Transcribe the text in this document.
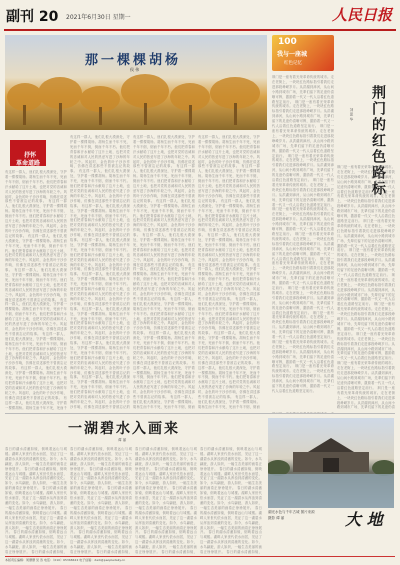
副刊 20 2021年6月30日 星期一	人民日报
那一棵棵胡杨
侯 伟

抒怀
革命道路

有这样一群人，他们扎根大漠深处，守护着一棵棵胡杨。胡杨生而千年不死，死而千年不倒，倒而千年不朽。他们把青春和汗水献给了这片土地，也把对党的忠诚和对人民的热爱写进了沙海的年轮之中。风起时，金色的叶子沙沙作响，仿佛在讲述那些不曾被忘记的故事。 有这样一群人，他们扎根大漠深处，守护着一棵棵胡杨。胡杨生而千年不死，死而千年不倒，倒而千年不朽。他们把青春和汗水献给了这片土地，也把对党的忠诚和对人民的热爱写进了沙海的年轮之中。风起时，金色的叶子沙沙作响，仿佛在讲述那些不曾被忘记的故事。 有这样一群人，他们扎根大漠深处，守护着一棵棵胡杨。胡杨生而千年不死，死而千年不倒，倒而千年不朽。他们把青春和汗水献给了这片土地，也把对党的忠诚和对人民的热爱写进了沙海的年轮之中。风起时，金色的叶子沙沙作响，仿佛在讲述那些不曾被忘记的故事。 有这样一群人，他们扎根大漠深处，守护着一棵棵胡杨。胡杨生而千年不死，死而千年不倒，倒而千年不朽。他们把青春和汗水献给了这片土地，也把对党的忠诚和对人民的热爱写进了沙海的年轮之中。风起时，金色的叶子沙沙作响，仿佛在讲述那些不曾被忘记的故事。 有这样一群人，他们扎根大漠深处，守护着一棵棵胡杨。胡杨生而千年不死，死而千年不倒，倒而千年不朽。他们把青春和汗水献给了这片土地，也把对党的忠诚和对人民的热爱写进了沙海的年轮之中。风起时，金色的叶子沙沙作响，仿佛在讲述那些不曾被忘记的故事。 有这样一群人，他们扎根大漠深处，守护着一棵棵胡杨。胡杨生而千年不死，死而千年不倒，倒而千年不朽。他们把青春和汗水献给了这片土地，也把对党的忠诚和对人民的热爱写进了沙海的年轮之中。风起时，金色的叶子沙沙作响，仿佛在讲述那些不曾被忘记的故事。 有这样一群人，他们扎根大漠深处，守护着一棵棵胡杨。胡杨生而千年不死，死而千年不倒，倒而千年不朽。他们把青春和汗水献给了这片土地，也把对党的忠诚和对人民的热爱写进了沙海的年轮之中。风起时，金色的叶子沙沙作响，仿佛在讲述那些不曾被忘记的故事。 有这样一群人，他们扎根大漠深处，守护着一棵棵胡杨。胡杨生而千年不死，死而千
有这样一群人，他们扎根大漠深处，守护着一棵棵胡杨。胡杨生而千年不死，死而千年不倒，倒而千年不朽。他们把青春和汗水献给了这片土地，也把对党的忠诚和对人民的热爱写进了沙海的年轮之中。风起时，金色的叶子沙沙作响，仿佛在讲述那些不曾被忘记的故事。 有这样一群人，他们扎根大漠深处，守护着一棵棵胡杨。胡杨生而千年不死，死而千年不倒，倒而千年不朽。他们把青春和汗水献给了这片土地，也把对党的忠诚和对人民的热爱写进了沙海的年轮之中。风起时，金色的叶子沙沙作响，仿佛在讲述那些不曾被忘记的故事。 有这样一群人，他们扎根大漠深处，守护着一棵棵胡杨。胡杨生而千年不死，死而千年不倒，倒而千年不朽。他们把青春和汗水献给了这片土地，也把对党的忠诚和对人民的热爱写进了沙海的年轮之中。风起时，金色的叶子沙沙作响，仿佛在讲述那些不曾被忘记的故事。 有这样一群人，他们扎根大漠深处，守护着一棵棵胡杨。胡杨生而千年不死，死而千年不倒，倒而千年不朽。他们把青春和汗水献给了这片土地，也把对党的忠诚和对人民的热爱写进了沙海的年轮之中。风起时，金色的叶子沙沙作响，仿佛在讲述那些不曾被忘记的故事。 有这样一群人，他们扎根大漠深处，守护着一棵棵胡杨。胡杨生而千年不死，死而千年不倒，倒而千年不朽。他们把青春和汗水献给了这片土地，也把对党的忠诚和对人民的热爱写进了沙海的年轮之中。风起时，金色的叶子沙沙作响，仿佛在讲述那些不曾被忘记的故事。 有这样一群人，他们扎根大漠深处，守护着一棵棵胡杨。胡杨生而千年不死，死而千年不倒，倒而千年不朽。他们把青春和汗水献给了这片土地，也把对党的忠诚和对人民的热爱写进了沙海的年轮之中。风起时，金色的叶子沙沙作响，仿佛在讲述那些不曾被忘记的故事。 有这样一群人，他们扎根大漠深处，守护着一棵棵胡杨。胡杨生而千年不死，死而千年不倒，倒而千年不朽。他们把青春和汗水献给了这片土地，也把对党的忠诚和对人民的热爱写进了沙海的年轮之中。风起时，金色的叶子沙沙作响，仿佛在讲述那些不曾被忘记的故事。 有这样一群人，他们扎根大漠深处，守护着一棵棵胡杨。胡杨生而千年不死，死而千年不倒，倒而千年不朽。他们把青春和汗水献给了这片土地，也把对党的忠诚和对人民的热爱写进了沙海的年轮之中。风起时，金色的叶子沙沙作响，仿佛在讲述那些不曾被忘记的
有这样一群人，他们扎根大漠深处，守护着一棵棵胡杨。胡杨生而千年不死，死而千年不倒，倒而千年不朽。他们把青春和汗水献给了这片土地，也把对党的忠诚和对人民的热爱写进了沙海的年轮之中。风起时，金色的叶子沙沙作响，仿佛在讲述那些不曾被忘记的故事。 有这样一群人，他们扎根大漠深处，守护着一棵棵胡杨。胡杨生而千年不死，死而千年不倒，倒而千年不朽。他们把青春和汗水献给了这片土地，也把对党的忠诚和对人民的热爱写进了沙海的年轮之中。风起时，金色的叶子沙沙作响，仿佛在讲述那些不曾被忘记的故事。 有这样一群人，他们扎根大漠深处，守护着一棵棵胡杨。胡杨生而千年不死，死而千年不倒，倒而千年不朽。他们把青春和汗水献给了这片土地，也把对党的忠诚和对人民的热爱写进了沙海的年轮之中。风起时，金色的叶子沙沙作响，仿佛在讲述那些不曾被忘记的故事。 有这样一群人，他们扎根大漠深处，守护着一棵棵胡杨。胡杨生而千年不死，死而千年不倒，倒而千年不朽。他们把青春和汗水献给了这片土地，也把对党的忠诚和对人民的热爱写进了沙海的年轮之中。风起时，金色的叶子沙沙作响，仿佛在讲述那些不曾被忘记的故事。 有这样一群人，他们扎根大漠深处，守护着一棵棵胡杨。胡杨生而千年不死，死而千年不倒，倒而千年不朽。他们把青春和汗水献给了这片土地，也把对党的忠诚和对人民的热爱写进了沙海的年轮之中。风起时，金色的叶子沙沙作响，仿佛在讲述那些不曾被忘记的故事。 有这样一群人，他们扎根大漠深处，守护着一棵棵胡杨。胡杨生而千年不死，死而千年不倒，倒而千年不朽。他们把青春和汗水献给了这片土地，也把对党的忠诚和对人民的热爱写进了沙海的年轮之中。风起时，金色的叶子沙沙作响，仿佛在讲述那些不曾被忘记的故事。 有这样一群人，他们扎根大漠深处，守护着一棵棵胡杨。胡杨生而千年不死，死而千年不倒，倒而千年不朽。他们把青春和汗水献给了这片土地，也把对党的忠诚和对人民的热爱写进了沙海的年轮之中。风起时，金色的叶子沙沙作响，仿佛在讲述那些不曾被忘记的故事。 有这样一群人，他们扎根大漠深处，守护着一棵棵胡杨。胡杨生而千年不死，死而千年不倒，倒而千年不朽。他们把青春和汗水献给了这片土地，也把对党的忠诚和对人民的热爱写进了沙海的年轮之中。风起时，金色的叶子沙沙作响，仿佛在讲述那些不曾被忘记的故事。 有这样一群人，他们扎根大漠深处，守护着一棵棵胡杨。胡杨生而千年不死，死而千年不倒，倒而
有这样一群人，他们扎根大漠深处，守护着一棵棵胡杨。胡杨生而千年不死，死而千年不倒，倒而千年不朽。他们把青春和汗水献给了这片土地，也把对党的忠诚和对人民的热爱写进了沙海的年轮之中。风起时，金色的叶子沙沙作响，仿佛在讲述那些不曾被忘记的故事。 有这样一群人，他们扎根大漠深处，守护着一棵棵胡杨。胡杨生而千年不死，死而千年不倒，倒而千年不朽。他们把青春和汗水献给了这片土地，也把对党的忠诚和对人民的热爱写进了沙海的年轮之中。风起时，金色的叶子沙沙作响，仿佛在讲述那些不曾被忘记的故事。 有这样一群人，他们扎根大漠深处，守护着一棵棵胡杨。胡杨生而千年不死，死而千年不倒，倒而千年不朽。他们把青春和汗水献给了这片土地，也把对党的忠诚和对人民的热爱写进了沙海的年轮之中。风起时，金色的叶子沙沙作响，仿佛在讲述那些不曾被忘记的故事。 有这样一群人，他们扎根大漠深处，守护着一棵棵胡杨。胡杨生而千年不死，死而千年不倒，倒而千年不朽。他们把青春和汗水献给了这片土地，也把对党的忠诚和对人民的热爱写进了沙海的年轮之中。风起时，金色的叶子沙沙作响，仿佛在讲述那些不曾被忘记的故事。 有这样一群人，他们扎根大漠深处，守护着一棵棵胡杨。胡杨生而千年不死，死而千年不倒，倒而千年不朽。他们把青春和汗水献给了这片土地，也把对党的忠诚和对人民的热爱写进了沙海的年轮之中。风起时，金色的叶子沙沙作响，仿佛在讲述那些不曾被忘记的故事。 有这样一群人，他们扎根大漠深处，守护着一棵棵胡杨。胡杨生而千年不死，死而千年不倒，倒而千年不朽。他们把青春和汗水献给了这片土地，也把对党的忠诚和对人民的热爱写进了沙海的年轮之中。风起时，金色的叶子沙沙作响，仿佛在讲述那些不曾被忘记的故事。 有这样一群人，他们扎根大漠深处，守护着一棵棵胡杨。胡杨生而千年不死，死而千年不倒，倒而千年不朽。他们把青春和汗水献给了这片土地，也把对党的忠诚和对人民的热爱写进了沙海的年轮之中。风起时，金色的叶子沙沙作响，仿佛在讲述那些不曾被忘记的故事。 有这样一群人，他们扎根大漠深处，守护着一棵棵胡杨。胡杨生而千年不死，死而千年不倒，倒而千年不朽。他们把青春和汗水献给了这片土地，也把对党的忠诚和对人民的热爱写进了沙海的年轮之中。风起时，金色的叶子沙沙作响，仿佛在讲述那些不曾被忘记的故事。 有这样一群人，他们扎根大漠深处，守护着一棵棵胡杨。胡杨生而千年不死，死而千年不倒，倒而
100
我与一座城
红色记忆
荆门的红色路标
刘 思 华
荆门是一座有着光荣革命传统的城市。走在老街上，一块块红色路标指引着我们走进那段峥嵘岁月。从洪湖到漳河，从山间小路到城市广场，先辈们留下的足迹仍清晰可辨，激励着一代又一代人沿着红色道路坚定前行。 荆门是一座有着光荣革命传统的城市。走在老街上，一块块红色路标指引着我们走进那段峥嵘岁月。从洪湖到漳河，从山间小路到城市广场，先辈们留下的足迹仍清晰可辨，激励着一代又一代人沿着红色道路坚定前行。 荆门是一座有着光荣革命传统的城市。走在老街上，一块块红色路标指引着我们走进那段峥嵘岁月。从洪湖到漳河，从山间小路到城市广场，先辈们留下的足迹仍清晰可辨，激励着一代又一代人沿着红色道路坚定前行。 荆门是一座有着光荣革命传统的城市。走在老街上，一块块红色路标指引着我们走进那段峥嵘岁月。从洪湖到漳河，从山间小路到城市广场，先辈们留下的足迹仍清晰可辨，激励着一代又一代人沿着红色道路坚定前行。 荆门是一座有着光荣革命传统的城市。走在老街上，一块块红色路标指引着我们走进那段峥嵘岁月。从洪湖到漳河，从山间小路到城市广场，先辈们留下的足迹仍清晰可辨，激励着一代又一代人沿着红色道路坚定前行。 荆门是一座有着光荣革命传统的城市。走在老街上，一块块红色路标指引着我们走进那段峥嵘岁月。从洪湖到漳河，从山间小路到城市广场，先辈们留下的足迹仍清晰可辨，激励着一代又一代人沿着红色道路坚定前行。 荆门是一座有着光荣革命传统的城市。走在老街上，一块块红色路标指引着我们走进那段峥嵘岁月。从洪湖到漳河，从山间小路到城市广场，先辈们留下的足迹仍清晰可辨，激励着一代又一代人沿着红色道路坚定前行。 荆门是一座有着光荣革命传统的城市。走在老街上，一块块红色路标指引着我们走进那段峥嵘岁月。从洪湖到漳河，从山间小路到城市广场，先辈们留下的足迹仍清晰可辨，激励着一代又一代人沿着红色道路坚定前行。 荆门是一座有着光荣革命传统的城市。走在老街上，一块块红色路标指引着我们走进那段峥嵘岁月。从洪湖到漳河，从山间小路到城市广场，先辈们留下的足迹仍清晰可辨，激励着一代又一代人沿着红色道路坚定前行。 荆门是一座有着光荣革命传统的城市。走在老街上，一块块红色路标指引着我们走进那段峥嵘岁月。从洪湖到漳河，从山间小路到城市广场，先辈们留下的足迹仍清晰可辨，激励着一代又一代人沿着红色道路坚定前行。 荆门是一座有着光荣革命传统的城市。走在老街上，一块块红色路标指引着我们走进那段峥嵘岁月。从洪湖到漳河，从山间小路到城市广场，先辈们留下的足迹仍清晰可辨，激励着一代又一代人沿着红色道路坚定前行。 荆门是一座有着光荣革命传统的城市。走在老街上，一块块红色路标指引着我们走进那段峥嵘岁月。从洪湖到漳河，从山间小路到城市广场，先辈们留下的足迹仍清晰可辨，激励着一代又一代人沿着红色道路坚定前行。
荆门是一座有着光荣革命传统的城市。走在老街上，一块块红色路标指引着我们走进那段峥嵘岁月。从洪湖到漳河，从山间小路到城市广场，先辈们留下的足迹仍清晰可辨，激励着一代又一代人沿着红色道路坚定前行。 荆门是一座有着光荣革命传统的城市。走在老街上，一块块红色路标指引着我们走进那段峥嵘岁月。从洪湖到漳河，从山间小路到城市广场，先辈们留下的足迹仍清晰可辨，激励着一代又一代人沿着红色道路坚定前行。 荆门是一座有着光荣革命传统的城市。走在老街上，一块块红色路标指引着我们走进那段峥嵘岁月。从洪湖到漳河，从山间小路到城市广场，先辈们留下的足迹仍清晰可辨，激励着一代又一代人沿着红色道路坚定前行。 荆门是一座有着光荣革命传统的城市。走在老街上，一块块红色路标指引着我们走进那段峥嵘岁月。从洪湖到漳河，从山间小路到城市广场，先辈们留下的足迹仍清晰可辨，激励着一代又一代人沿着红色道路坚定前行。 荆门是一座有着光荣革命传统的城市。走在老街上，一块块红色路标指引着我们走进那段峥嵘岁月。从洪湖到漳河，从山间小路到城市广场，先辈们留下的足迹仍清晰可辨，激励着一代又一代人沿着红色道路坚定前行。 荆门是一座有着光荣革命传统的城市。走在老街上，一块块红色路标指引着我们走进那段峥嵘岁月。从洪湖到漳河，从山间小路到城市广场，先辈们留下的足迹仍清晰可辨，激励着一代又一代人沿着红色道路坚定前行。 荆门是一座有着光荣革命传统的城市。走在老街上，一块块红色路标指引着我们走进那段峥嵘岁月。从洪湖到漳河，从山间小路到城市广场，先辈们留下的足迹仍清晰可辨，激励着一代又一代人沿着红色道路坚定前行。 荆门是一座有着光荣革命传统的城市。走在老街上，一块块红色路标指引着我们走进那段峥嵘岁月。从洪湖到漳河，从山间小路到城市广场，先辈们留下的足迹仍清晰可辨，激励着一代又一代人沿着红色道路坚定前行。 荆门是一座有着光荣革命传统的城市。走在老街上，一块块红色路标指引着我们走进那段峥嵘岁月。从洪湖到漳河，从山间小路到城市广场，先辈们留下的足迹仍清
一湖碧水入画来
谭 丽
春日的湖水清澈如镜，倒映着远山与城楼。湖畔人家世代依水而居，见证了这一湖碧水从浑浊到清澈的变化。如今，水鸟翩跹，游人如织，一幅生态美丽的画卷正徐徐展开。 春日的湖水清澈如镜，倒映着远山与城楼。湖畔人家世代依水而居，见证了这一湖碧水从浑浊到清澈的变化。如今，水鸟翩跹，游人如织，一幅生态美丽的画卷正徐徐展开。 春日的湖水清澈如镜，倒映着远山与城楼。湖畔人家世代依水而居，见证了这一湖碧水从浑浊到清澈的变化。如今，水鸟翩跹，游人如织，一幅生态美丽的画卷正徐徐展开。 春日的湖水清澈如镜，倒映着远山与城楼。湖畔人家世代依水而居，见证了这一湖碧水从浑浊到清澈的变化。如今，水鸟翩跹，游人如织，一幅生态美丽的画卷正徐徐展开。 春日的湖水清澈如镜，倒映着远山与城楼。湖畔人家世代依水而居，见证了这一湖碧水从浑浊到清澈的变化。如今，水鸟翩跹，游人如织，一幅生态美丽的画卷正徐徐展开。 春日的湖水清澈如镜，
春日的湖水清澈如镜，倒映着远山与城楼。湖畔人家世代依水而居，见证了这一湖碧水从浑浊到清澈的变化。如今，水鸟翩跹，游人如织，一幅生态美丽的画卷正徐徐展开。 春日的湖水清澈如镜，倒映着远山与城楼。湖畔人家世代依水而居，见证了这一湖碧水从浑浊到清澈的变化。如今，水鸟翩跹，游人如织，一幅生态美丽的画卷正徐徐展开。 春日的湖水清澈如镜，倒映着远山与城楼。湖畔人家世代依水而居，见证了这一湖碧水从浑浊到清澈的变化。如今，水鸟翩跹，游人如织，一幅生态美丽的画卷正徐徐展开。 春日的湖水清澈如镜，倒映着远山与城楼。湖畔人家世代依水而居，见证了这一湖碧水从浑浊到清澈的变化。如今，水鸟翩跹，游人如织，一幅生态美丽的画卷正徐徐展开。 春日的湖水清澈如镜，倒映着远山与城楼。湖畔人家世代依水而居，见证了这一湖碧水从浑浊到清澈的变化。如今，水鸟翩跹，游人如织，一幅生态美丽的画卷正徐徐展开。 春日的湖水清澈如镜，
春日的湖水清澈如镜，倒映着远山与城楼。湖畔人家世代依水而居，见证了这一湖碧水从浑浊到清澈的变化。如今，水鸟翩跹，游人如织，一幅生态美丽的画卷正徐徐展开。 春日的湖水清澈如镜，倒映着远山与城楼。湖畔人家世代依水而居，见证了这一湖碧水从浑浊到清澈的变化。如今，水鸟翩跹，游人如织，一幅生态美丽的画卷正徐徐展开。 春日的湖水清澈如镜，倒映着远山与城楼。湖畔人家世代依水而居，见证了这一湖碧水从浑浊到清澈的变化。如今，水鸟翩跹，游人如织，一幅生态美丽的画卷正徐徐展开。 春日的湖水清澈如镜，倒映着远山与城楼。湖畔人家世代依水而居，见证了这一湖碧水从浑浊到清澈的变化。如今，水鸟翩跹，游人如织，一幅生态美丽的画卷正徐徐展开。 春日的湖水清澈如镜，倒映着远山与城楼。湖畔人家世代依水而居，见证了这一湖碧水从浑浊到清澈的变化。如今，水鸟翩跹，游人如织，一幅生态美丽的画卷正徐徐展开。 春日的湖水清澈如镜，
春日的湖水清澈如镜，倒映着远山与城楼。湖畔人家世代依水而居，见证了这一湖碧水从浑浊到清澈的变化。如今，水鸟翩跹，游人如织，一幅生态美丽的画卷正徐徐展开。 春日的湖水清澈如镜，倒映着远山与城楼。湖畔人家世代依水而居，见证了这一湖碧水从浑浊到清澈的变化。如今，水鸟翩跹，游人如织，一幅生态美丽的画卷正徐徐展开。 春日的湖水清澈如镜，倒映着远山与城楼。湖畔人家世代依水而居，见证了这一湖碧水从浑浊到清澈的变化。如今，水鸟翩跹，游人如织，一幅生态美丽的画卷正徐徐展开。 春日的湖水清澈如镜，倒映着远山与城楼。湖畔人家世代依水而居，见证了这一湖碧水从浑浊到清澈的变化。如今，水鸟翩跹，游人如织，一幅生态美丽的画卷正徐徐展开。 春日的湖水清澈如镜，倒映着远山与城楼。湖畔人家世代依水而居，见证了这一湖碧水从浑浊到清澈的变化。如今，水鸟翩跹，游人如织，一幅生态美丽的画卷正徐徐展开。 春日的湖水清澈如镜，
湖光水色与千年古城 图片来源
摄影 谭 丽	大 地
本版责任编辑：周珊珊 吴 涛 电话：（010）65368422 电子信箱：dadi@peopledaily.cn
